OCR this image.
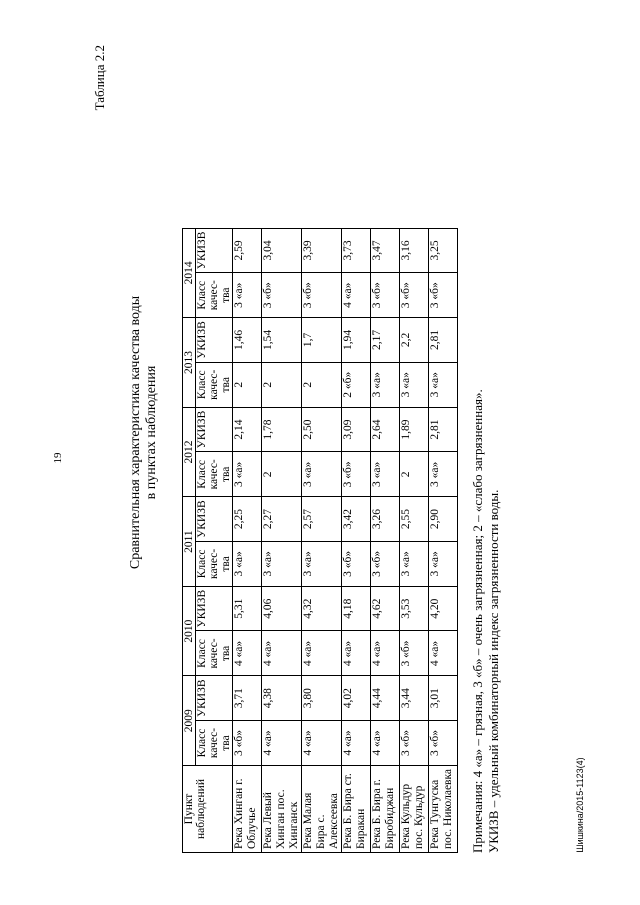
19
Шишкина/2015-1123(4)
Таблица 2.2
Сравнительная характеристика качества воды в пунктах наблюдения
Пункт
наблюдений	2009		2010		2011		2012		2013		2014	
	Класс качес-тва	УКИЗВ	Класс качес-тва	УКИЗВ	Класс качес-тва	УКИЗВ	Класс качес-тва	УКИЗВ	Класс качес-тва	УКИЗВ	Класс качес-тва	УКИЗВ
Река Хинган г. Облучье	3 «б»	3,71	4 «а»	5,31	3 «а»	2,25	3 «а»	2,14	2	1,46	3 «а»	2,59
Река Левый Хинган пос. Хинганск	4 «а»	4,38	4 «а»	4,06	3 «а»	2,27	2	1,78	2	1,54	3 «б»	3,04
Река Малая Бира с. Алексеевка	4 «а»	3,80	4 «а»	4,32	3 «а»	2,57	3 «а»	2,50	2	1,7	3 «б»	3,39
Река Б. Бира ст. Биракан	4 «а»	4,02	4 «а»	4,18	3 «б»	3,42	3 «б»	3,09	2 «б»	1,94	4 «а»	3,73
Река Б. Бира г. Биробиджан	4 «а»	4,44	4 «а»	4,62	3 «б»	3,26	3 «а»	2,64	3 «а»	2,17	3 «б»	3,47
Река Кульдур пос. Кульдур	3 «б»	3,44	3 «б»	3,53	3 «а»	2,55	2	1,89	3 «а»	2,2	3 «б»	3,16
Река Тунгуска пос. Николаевка	3 «б»	3,01	4 «а»	4,20	3 «а»	2,90	3 «а»	2,81	3 «а»	2,81	3 «б»	3,25
Примечания: 4 «а» – грязная, 3 «б» – очень загрязненная; 2 – «слабо загрязненная». УКИЗВ – удельный комбинаторный индекс загрязненности воды.
